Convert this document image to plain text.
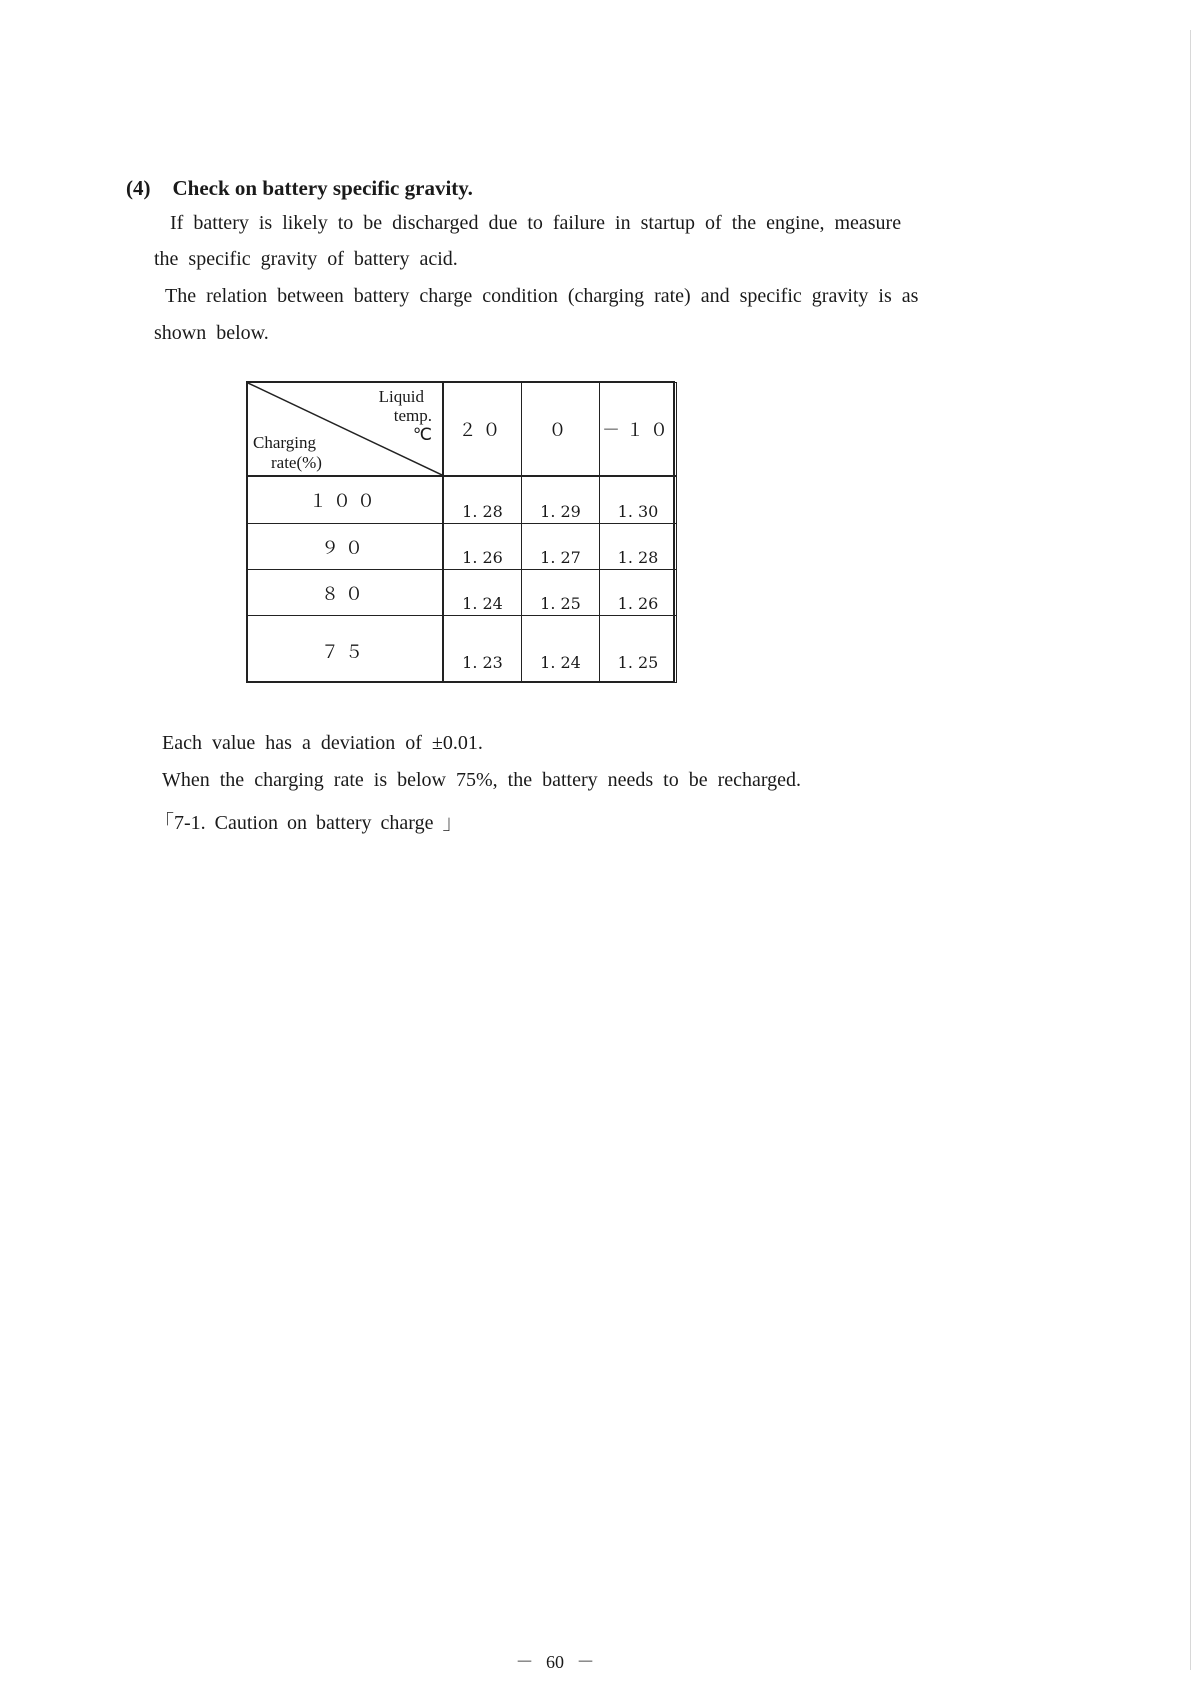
(4) Check on battery specific gravity.
If battery is likely to be discharged due to failure in startup of the engine, measure
the specific gravity of battery acid.
The relation between battery charge condition (charging rate) and specific gravity is as
shown below.
Liquid
temp.
℃
Charging
rate(%)	２０	０	－１０
１００	1. 28	1. 29	1. 30
９０	1. 26	1. 27	1. 28
８０	1. 24	1. 25	1. 26
７５	1. 23	1. 24	1. 25
Each value has a deviation of ±0.01.
When the charging rate is below 75%, the battery needs to be recharged.
｢7-1. Caution on battery charge ｣
－ 60 －
